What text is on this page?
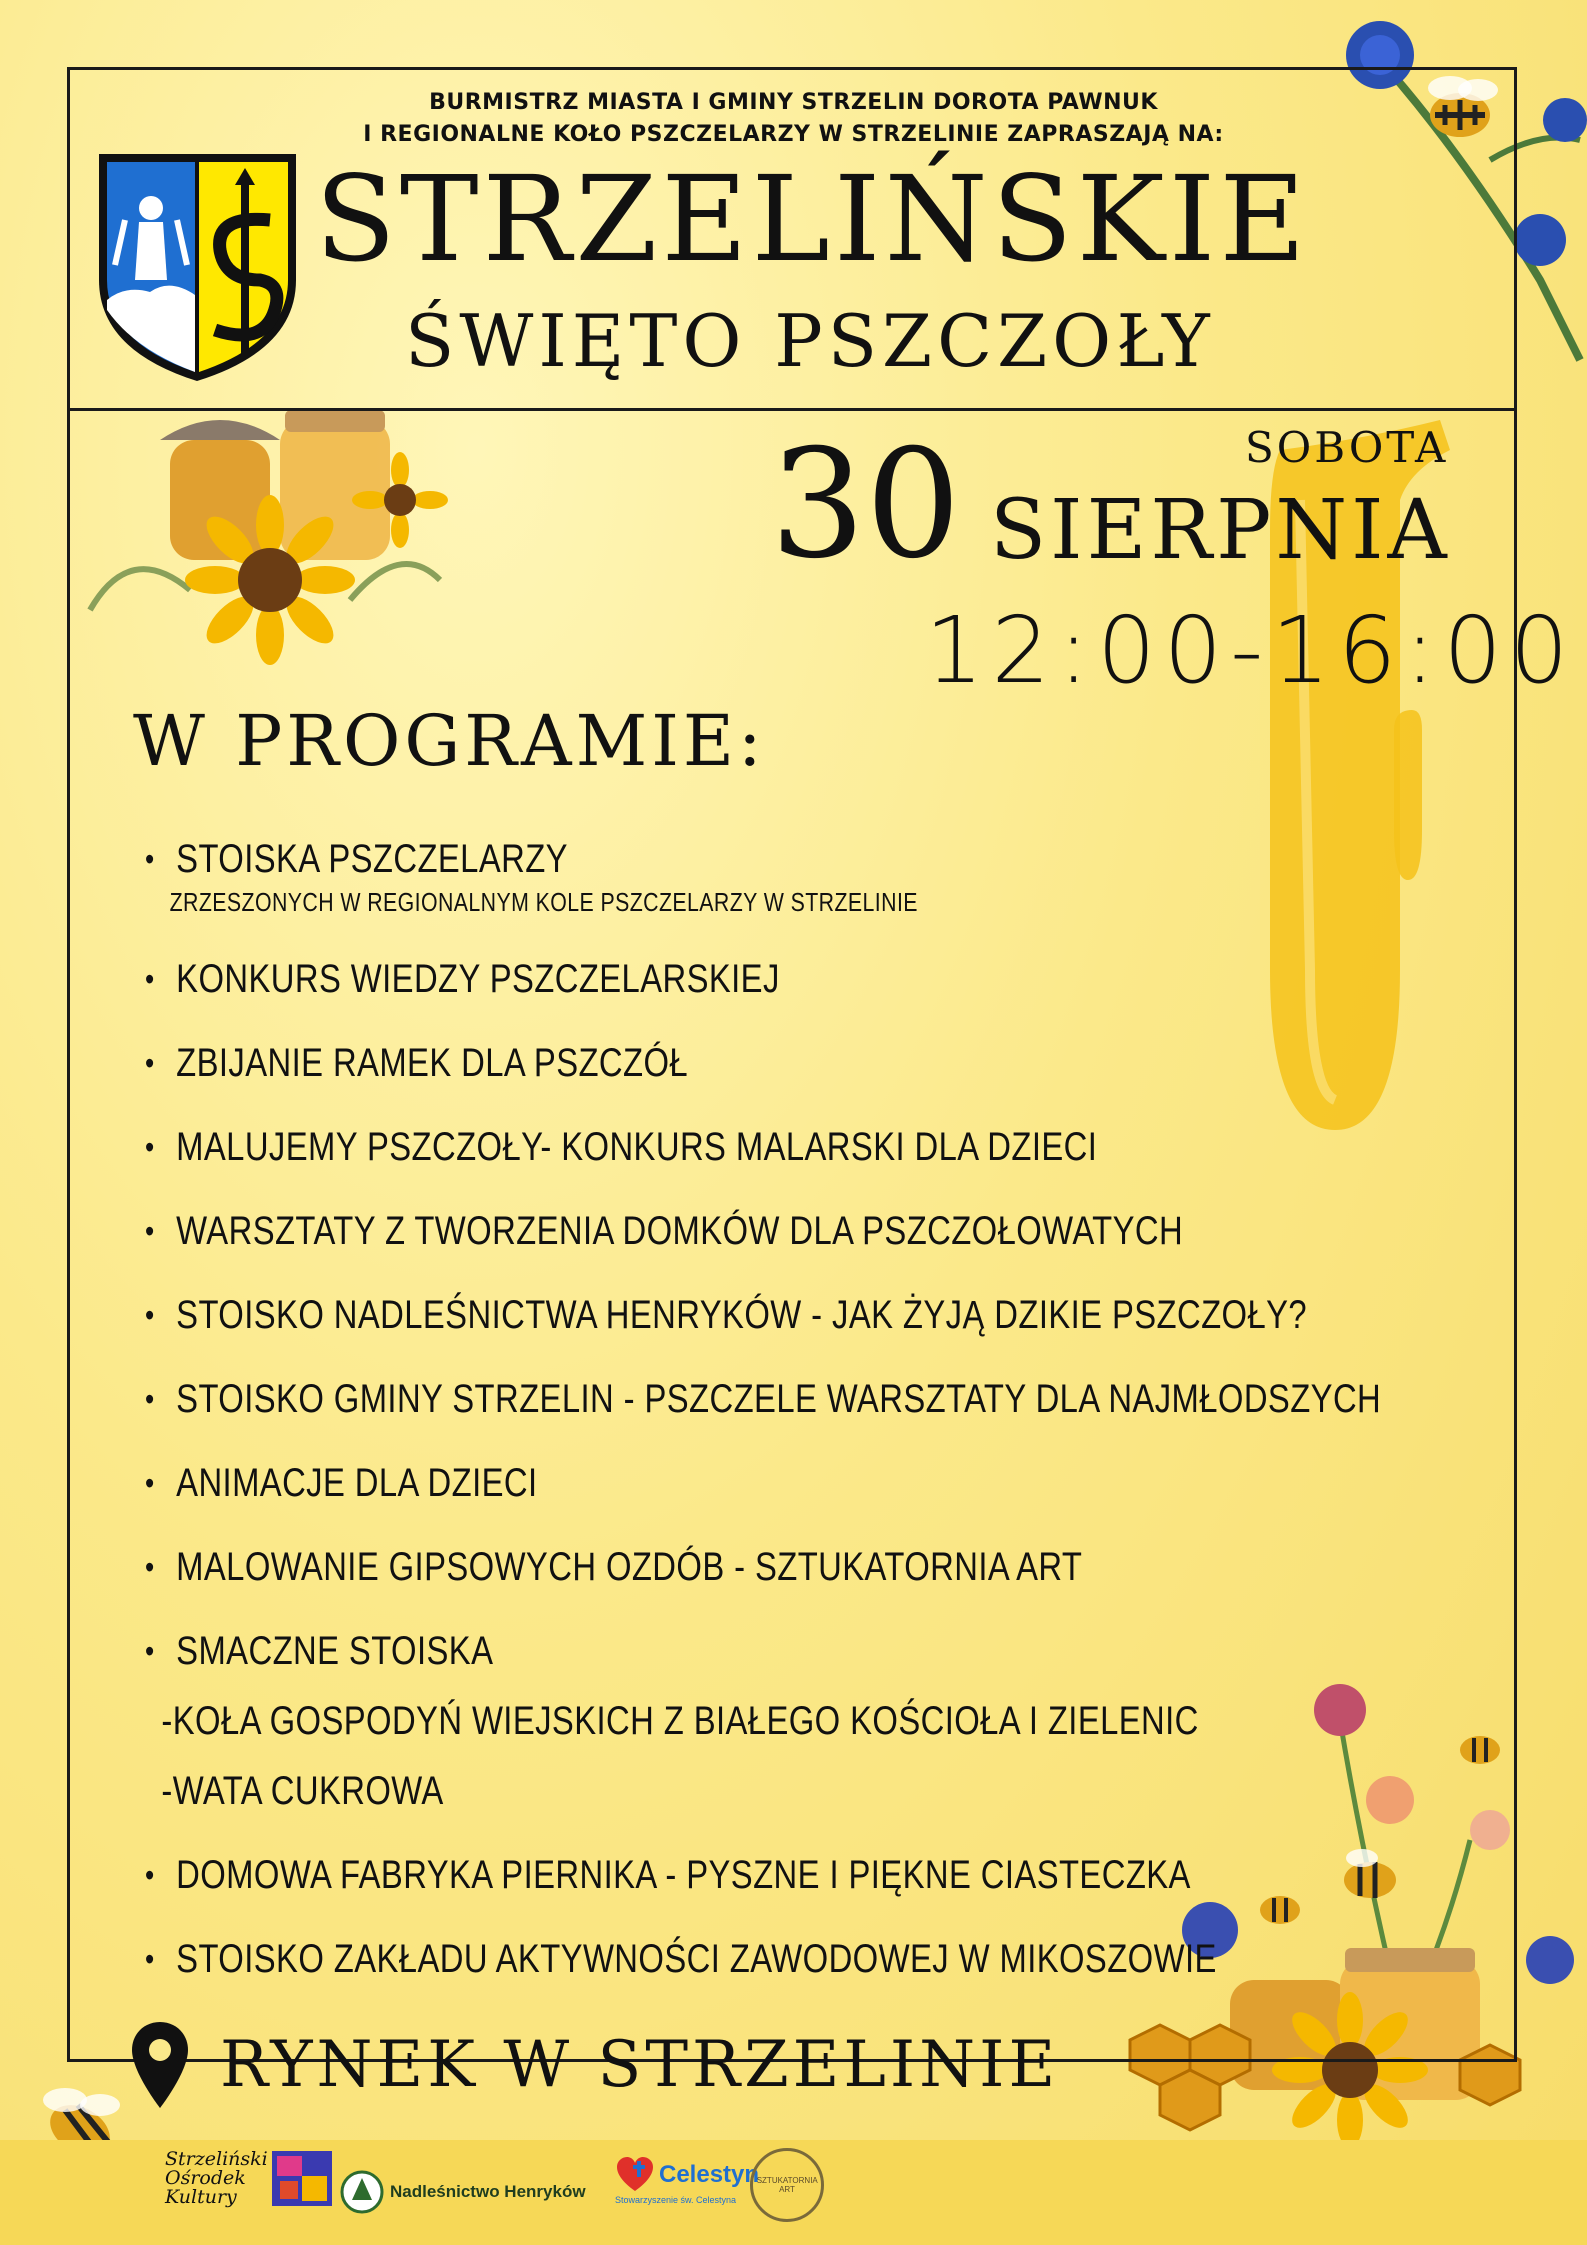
BURMISTRZ MIASTA I GMINY STRZELIN DOROTA PAWNUK
I REGIONALNE KOŁO PSZCZELARZY W STRZELINIE ZAPRASZAJĄ NA:
STRZELIŃSKIE
ŚWIĘTO PSZCZOŁY
SOBOTA
30 SIERPNIA
12:00-16:00
W PROGRAMIE:
• STOISKA PSZCZELARZY
ZRZESZONYCH W REGIONALNYM KOLE PSZCZELARZY W STRZELINIE
• KONKURS WIEDZY PSZCZELARSKIEJ
• ZBIJANIE RAMEK DLA PSZCZÓŁ
• MALUJEMY PSZCZOŁY- KONKURS MALARSKI DLA DZIECI
• WARSZTATY Z TWORZENIA DOMKÓW DLA PSZCZOŁOWATYCH
• STOISKO NADLEŚNICTWA HENRYKÓW - JAK ŻYJĄ DZIKIE PSZCZOŁY?
• STOISKO GMINY STRZELIN - PSZCZELE WARSZTATY DLA NAJMŁODSZYCH
• ANIMACJE DLA DZIECI
• MALOWANIE GIPSOWYCH OZDÓB - SZTUKATORNIA ART
• SMACZNE STOISKA
-KOŁA GOSPODYŃ WIEJSKICH Z BIAŁEGO KOŚCIOŁA I ZIELENIC
-WATA CUKROWA
• DOMOWA FABRYKA PIERNIKA - PYSZNE I PIĘKNE CIASTECZKA
• STOISKO ZAKŁADU AKTYWNOŚCI ZAWODOWEJ W MIKOSZOWIE
RYNEK W STRZELINIE
Strzeliński
Ośrodek
Kultury	Nadleśnictwo Henryków
Celestyn
Stowarzyszenie św. Celestyna
SZTUKATORNIA ART
